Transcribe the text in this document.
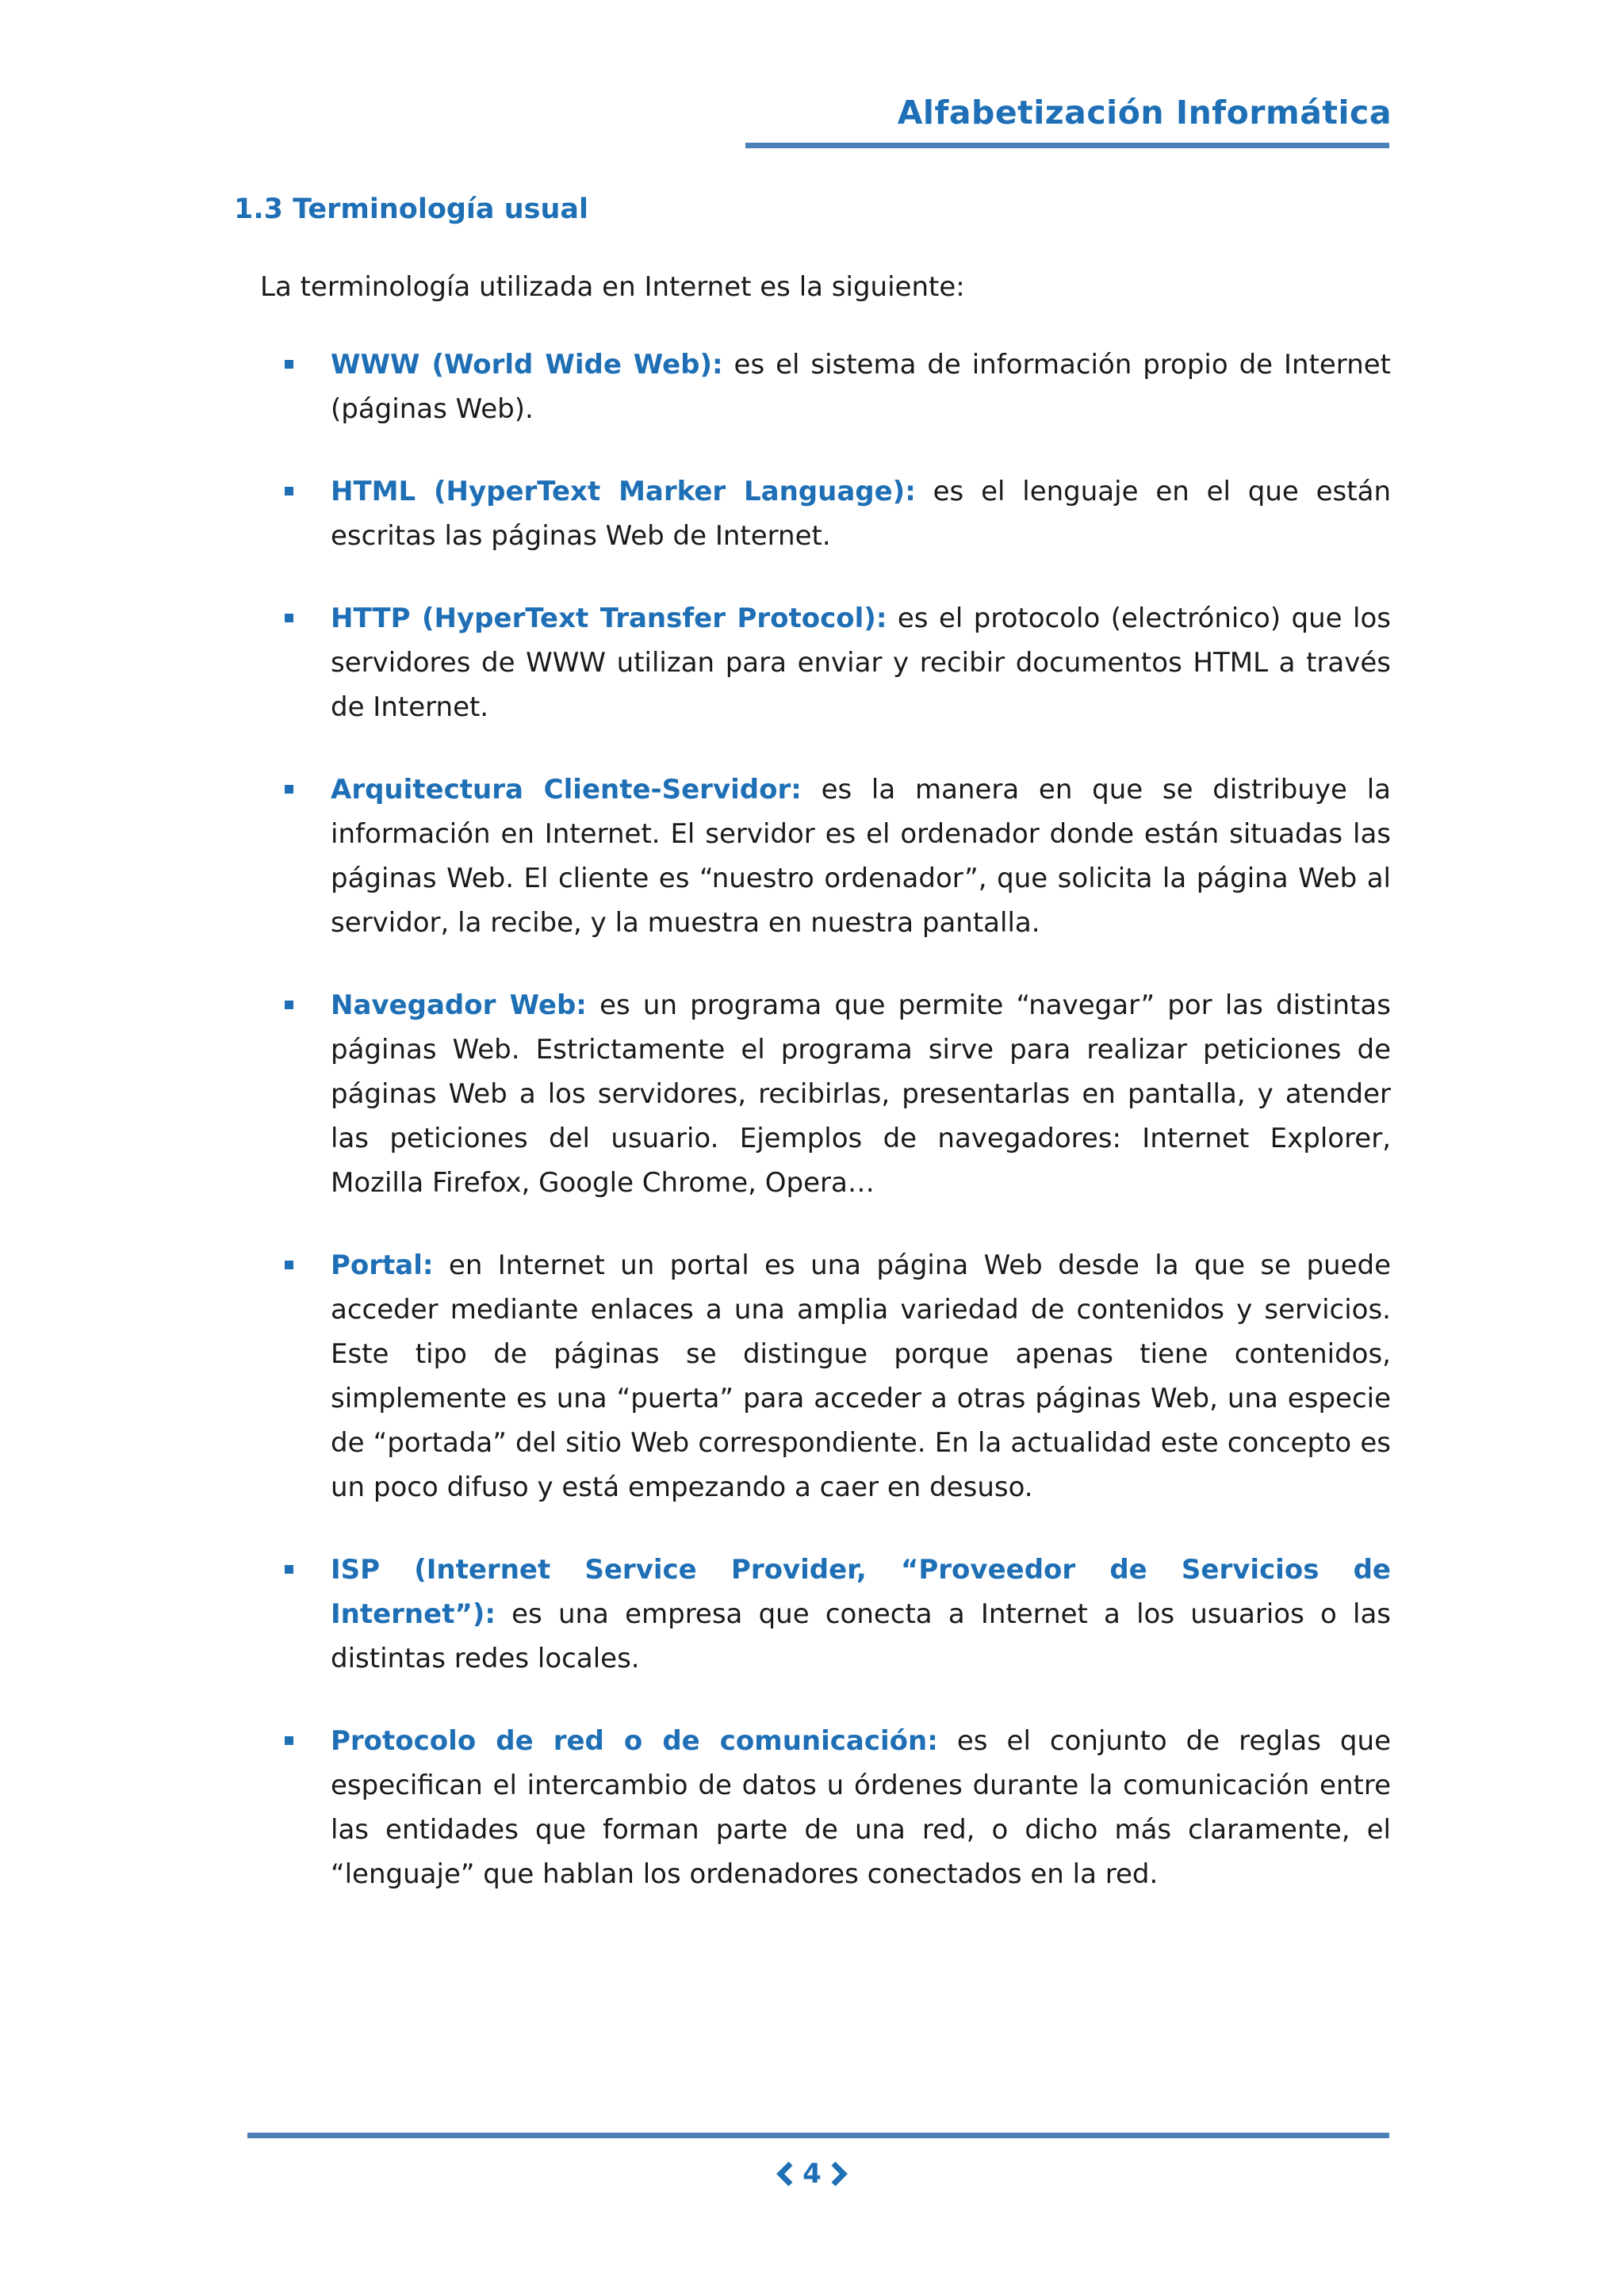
Alfabetización Informática
1.3 Terminología usual
La terminología utilizada en Internet es la siguiente:
WWW (World Wide Web): es el sistema de información propio de Internet (páginas Web).
HTML (HyperText Marker Language): es el lenguaje en el que están escritas las páginas Web de Internet.
HTTP (HyperText Transfer Protocol): es el protocolo (electrónico) que los servidores de WWW utilizan para enviar y recibir documentos HTML a través de Internet.
Arquitectura Cliente-Servidor: es la manera en que se distribuye la información en Internet. El servidor es el ordenador donde están situadas las páginas Web. El cliente es “nuestro ordenador”, que solicita la página Web al servidor, la recibe, y la muestra en nuestra pantalla.
Navegador Web: es un programa que permite “navegar” por las distintas páginas Web. Estrictamente el programa sirve para realizar peticiones de páginas Web a los servidores, recibirlas, presentarlas en pantalla, y atender las peticiones del usuario. Ejemplos de navegadores: Internet Explorer, Mozilla Firefox, Google Chrome, Opera…
Portal: en Internet un portal es una página Web desde la que se puede acceder mediante enlaces a una amplia variedad de contenidos y servicios. Este tipo de páginas se distingue porque apenas tiene contenidos, simplemente es una “puerta” para acceder a otras páginas Web, una especie de “portada” del sitio Web correspondiente. En la actualidad este concepto es un poco difuso y está empezando a caer en desuso.
ISP (Internet Service Provider, “Proveedor de Servicios de Internet”): es una empresa que conecta a Internet a los usuarios o las distintas redes locales.
Protocolo de red o de comunicación: es el conjunto de reglas que especifican el intercambio de datos u órdenes durante la comunicación entre las entidades que forman parte de una red, o dicho más claramente, el “lenguaje” que hablan los ordenadores conectados en la red.
4
